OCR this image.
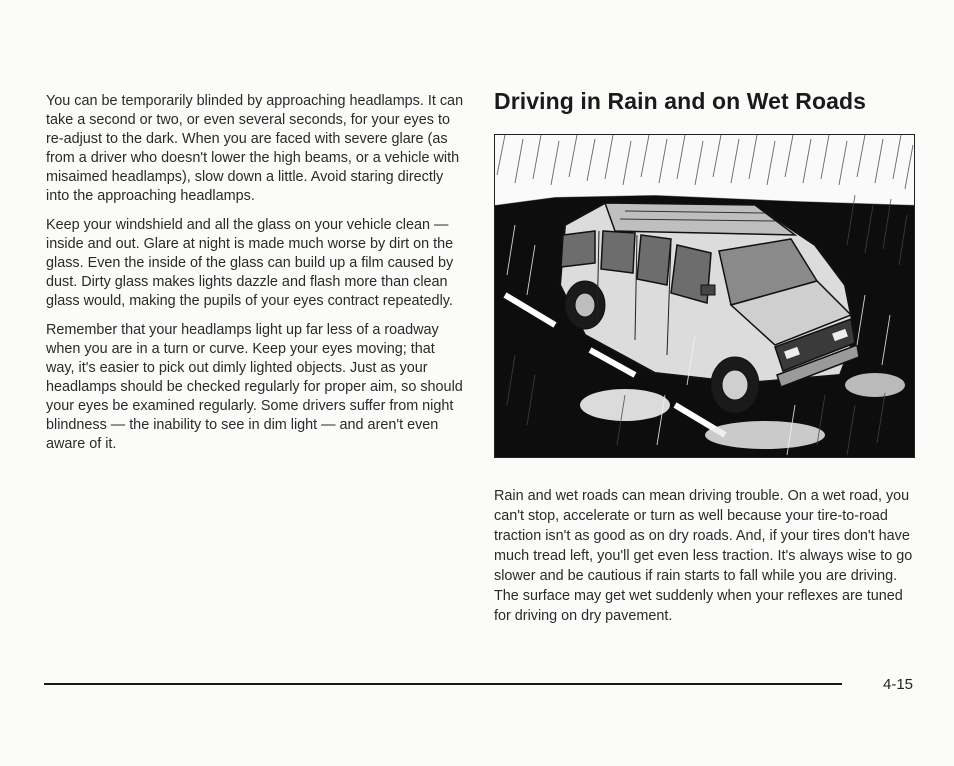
You can be temporarily blinded by approaching headlamps. It can take a second or two, or even several seconds, for your eyes to re-adjust to the dark. When you are faced with severe glare (as from a driver who doesn't lower the high beams, or a vehicle with misaimed headlamps), slow down a little. Avoid staring directly into the approaching headlamps.

Keep your windshield and all the glass on your vehicle clean — inside and out. Glare at night is made much worse by dirt on the glass. Even the inside of the glass can build up a film caused by dust. Dirty glass makes lights dazzle and flash more than clean glass would, making the pupils of your eyes contract repeatedly.

Remember that your headlamps light up far less of a roadway when you are in a turn or curve. Keep your eyes moving; that way, it's easier to pick out dimly lighted objects. Just as your headlamps should be checked regularly for proper aim, so should your eyes be examined regularly. Some drivers suffer from night blindness — the inability to see in dim light — and aren't even aware of it.

Driving in Rain and on Wet Roads

Rain and wet roads can mean driving trouble. On a wet road, you can't stop, accelerate or turn as well because your tire-to-road traction isn't as good as on dry roads. And, if your tires don't have much tread left, you'll get even less traction. It's always wise to go slower and be cautious if rain starts to fall while you are driving. The surface may get wet suddenly when your reflexes are tuned for driving on dry pavement.

4-15
